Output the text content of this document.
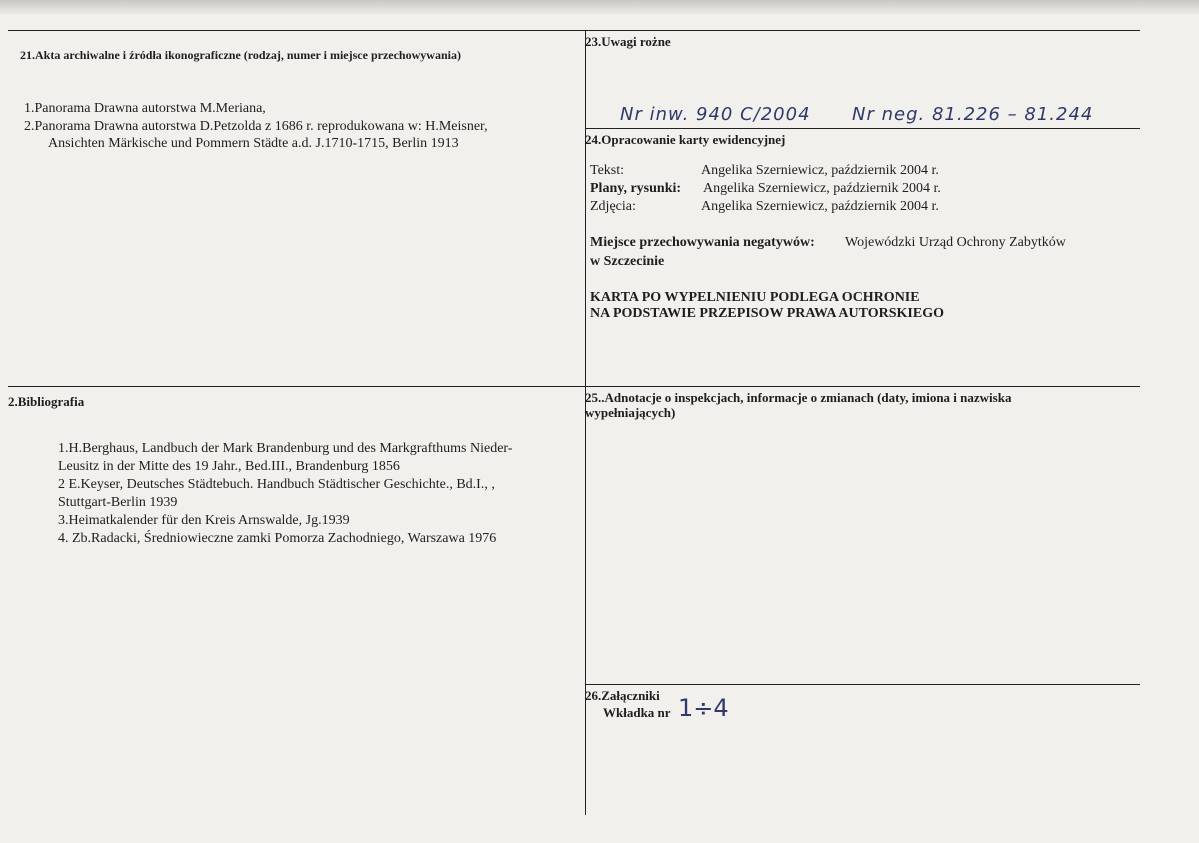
21.Akta archiwalne i źródła ikonograficzne (rodzaj, numer i miejsce przechowywania)
1.Panorama Drawna autorstwa M.Meriana,
2.Panorama Drawna autorstwa D.Petzolda z 1686 r. reprodukowana w: H.Meisner,
Ansichten Märkische und Pommern Städte a.d. J.1710-1715, Berlin 1913
23.Uwagi rożne
Nr inw. 940 C/2004 Nr neg. 81.226 – 81.244
24.Opracowanie karty ewidencyjnej
Tekst:	Angelika Szerniewicz, październik 2004 r.
Plany, rysunki: Angelika Szerniewicz, październik 2004 r.
Zdjęcia:	Angelika Szerniewicz, październik 2004 r.
Miejsce przechowywania negatywów: Wojewódzki Urząd Ochrony Zabytków
w Szczecinie
KARTA PO WYPELNIENIU PODLEGA OCHRONIE
NA PODSTAWIE PRZEPISOW PRAWA AUTORSKIEGO
2.Bibliografia
1.H.Berghaus, Landbuch der Mark Brandenburg und des Markgrafthums Nieder-
Leusitz in der Mitte des 19 Jahr., Bed.III., Brandenburg 1856
2 E.Keyser, Deutsches Städtebuch. Handbuch Städtischer Geschichte., Bd.I., ,
Stuttgart-Berlin 1939
3.Heimatkalender für den Kreis Arnswalde, Jg.1939
4. Zb.Radacki, Średniowieczne zamki Pomorza Zachodniego, Warszawa 1976
25..Adnotacje o inspekcjach, informacje o zmianach (daty, imiona i nazwiska
wypełniających)
26.Załączniki
Wkładka nr 1÷4
